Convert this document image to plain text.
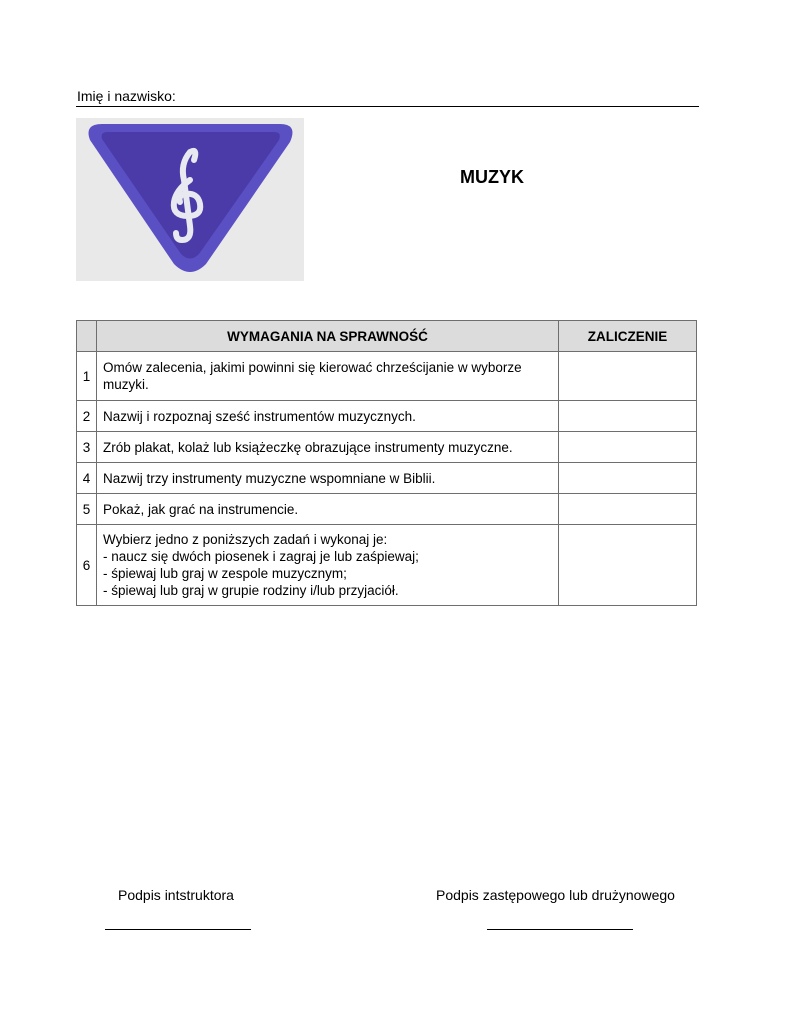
Imię i nazwisko:
MUZYK
	WYMAGANIA NA SPRAWNOŚĆ	ZALICZENIE
1	Omów zalecenia, jakimi powinni się kierować chrześcijanie w wyborze muzyki.	
2	Nazwij i rozpoznaj sześć instrumentów muzycznych.	
3	Zrób plakat, kolaż lub książeczkę obrazujące instrumenty muzyczne.	
4	Nazwij trzy instrumenty muzyczne wspomniane w Biblii.	
5	Pokaż, jak grać na instrumencie.	
6	Wybierz jedno z poniższych zadań i wykonaj je:
- naucz się dwóch piosenek i zagraj je lub zaśpiewaj;
- śpiewaj lub graj w zespole muzycznym;
- śpiewaj lub graj w grupie rodziny i/lub przyjaciół.	

Podpis intstruktora	Podpis zastępowego lub drużynowego
